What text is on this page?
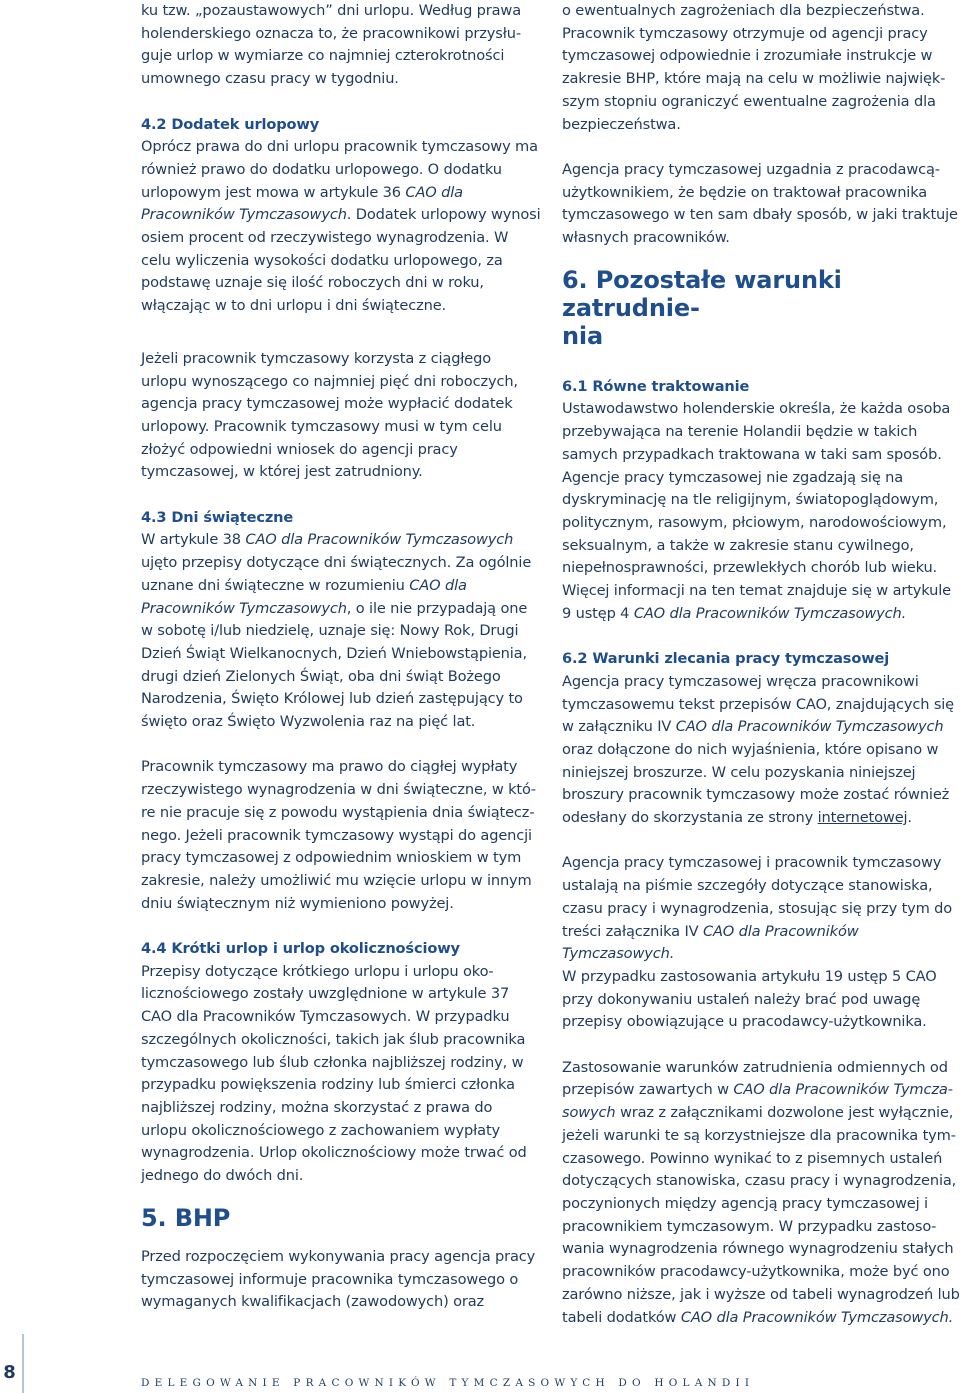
ku tzw. „pozaustawowych” dni urlopu. Według prawa holenderskiego oznacza to, że pracownikowi przysługuje urlop w wymiarze co najmniej czterokrotności umownego czasu pracy w tygodniu.

4.2 Dodatek urlopowy
Oprócz prawa do dni urlopu pracownik tymczasowy ma również prawo do dodatku urlopowego. O dodatku urlopowym jest mowa w artykule 36 CAO dla Pracowników Tymczasowych. Dodatek urlopowy wynosi osiem procent od rzeczywistego wynagrodzenia. W celu wyliczenia wysokości dodatku urlopowego, za podstawę uznaje się ilość roboczych dni w roku, włączając w to dni urlopu i dni świąteczne.

Jeżeli pracownik tymczasowy korzysta z ciągłego urlopu wynoszącego co najmniej pięć dni roboczych, agencja pracy tymczasowej może wypłacić dodatek urlopowy. Pracownik tymczasowy musi w tym celu złożyć odpowiedni wniosek do agencji pracy tymczasowej, w której jest zatrudniony.

4.3 Dni świąteczne
W artykule 38 CAO dla Pracowników Tymczasowych ujęto przepisy dotyczące dni świątecznych. Za ogólnie uznane dni świąteczne w rozumieniu CAO dla Pracowników Tymczasowych, o ile nie przypadają one w sobotę i/lub niedzielę, uznaje się: Nowy Rok, Drugi Dzień Świąt Wielkanocnych, Dzień Wniebowstąpienia, drugi dzień Zielonych Świąt, oba dni świąt Bożego Narodzenia, Święto Królowej lub dzień zastępujący to święto oraz Święto Wyzwolenia raz na pięć lat.

Pracownik tymczasowy ma prawo do ciągłej wypłaty rzeczywistego wynagrodzenia w dni świąteczne, w które nie pracuje się z powodu wystąpienia dnia świątecznego. Jeżeli pracownik tymczasowy wystąpi do agencji pracy tymczasowej z odpowiednim wnioskiem w tym zakresie, należy umożliwić mu wzięcie urlopu w innym dniu świątecznym niż wymieniono powyżej.

4.4 Krótki urlop i urlop okolicznościowy
Przepisy dotyczące krótkiego urlopu i urlopu okolicznościowego zostały uwzględnione w artykule 37 CAO dla Pracowników Tymczasowych. W przypadku szczególnych okoliczności, takich jak ślub pracownika tymczasowego lub ślub członka najbliższej rodziny, w przypadku powiększenia rodziny lub śmierci członka najbliższej rodziny, można skorzystać z prawa do urlopu okolicznościowego z zachowaniem wypłaty wynagrodzenia. Urlop okolicznościowy może trwać od jednego do dwóch dni.

5. BHP

Przed rozpoczęciem wykonywania pracy agencja pracy tymczasowej informuje pracownika tymczasowego o wymaganych kwalifikacjach (zawodowych) oraz

o ewentualnych zagrożeniach dla bezpieczeństwa. Pracownik tymczasowy otrzymuje od agencji pracy tymczasowej odpowiednie i zrozumiałe instrukcje w zakresie BHP, które mają na celu w możliwie największym stopniu ograniczyć ewentualne zagrożenia dla bezpieczeństwa.

Agencja pracy tymczasowej uzgadnia z pracodawcą-użytkownikiem, że będzie on traktował pracownika tymczasowego w ten sam dbały sposób, w jaki traktuje własnych pracowników.

6. Pozostałe warunki zatrudnie-
nia

6.1 Równe traktowanie
Ustawodawstwo holenderskie określa, że każda osoba przebywająca na terenie Holandii będzie w takich samych przypadkach traktowana w taki sam sposób. Agencje pracy tymczasowej nie zgadzają się na dyskryminację na tle religijnym, światopoglądowym, politycznym, rasowym, płciowym, narodowościowym, seksualnym, a także w zakresie stanu cywilnego, niepełnosprawności, przewlekłych chorób lub wieku. Więcej informacji na ten temat znajduje się w artykule 9 ustęp 4 CAO dla Pracowników Tymczasowych.

6.2 Warunki zlecania pracy tymczasowej
Agencja pracy tymczasowej wręcza pracownikowi tymczasowemu tekst przepisów CAO, znajdujących się w załączniku IV CAO dla Pracowników Tymczasowych oraz dołączone do nich wyjaśnienia, które opisano w niniejszej broszurze. W celu pozyskania niniejszej broszury pracownik tymczasowy może zostać również odesłany do skorzystania ze strony internetowej.

Agencja pracy tymczasowej i pracownik tymczasowy ustalają na piśmie szczegóły dotyczące stanowiska, czasu pracy i wynagrodzenia, stosując się przy tym do treści załącznika IV CAO dla Pracowników Tymczasowych.
W przypadku zastosowania artykułu 19 ustęp 5 CAO przy dokonywaniu ustaleń należy brać pod uwagę przepisy obowiązujące u pracodawcy-użytkownika.

Zastosowanie warunków zatrudnienia odmiennych od przepisów zawartych w CAO dla Pracowników Tymczasowych wraz z załącznikami dozwolone jest wyłącznie, jeżeli warunki te są korzystniejsze dla pracownika tymczasowego. Powinno wynikać to z pisemnych ustaleń dotyczących stanowiska, czasu pracy i wynagrodzenia, poczynionych między agencją pracy tymczasowej i pracownikiem tymczasowym. W przypadku zastosowania wynagrodzenia równego wynagrodzeniu stałych pracowników pracodawcy-użytkownika, może być ono zarówno niższe, jak i wyższe od tabeli wynagrodzeń lub tabeli dodatków CAO dla Pracowników Tymczasowych.

8	DELEGOWANIE PRACOWNIKÓW TYMCZASOWYCH DO HOLANDII
